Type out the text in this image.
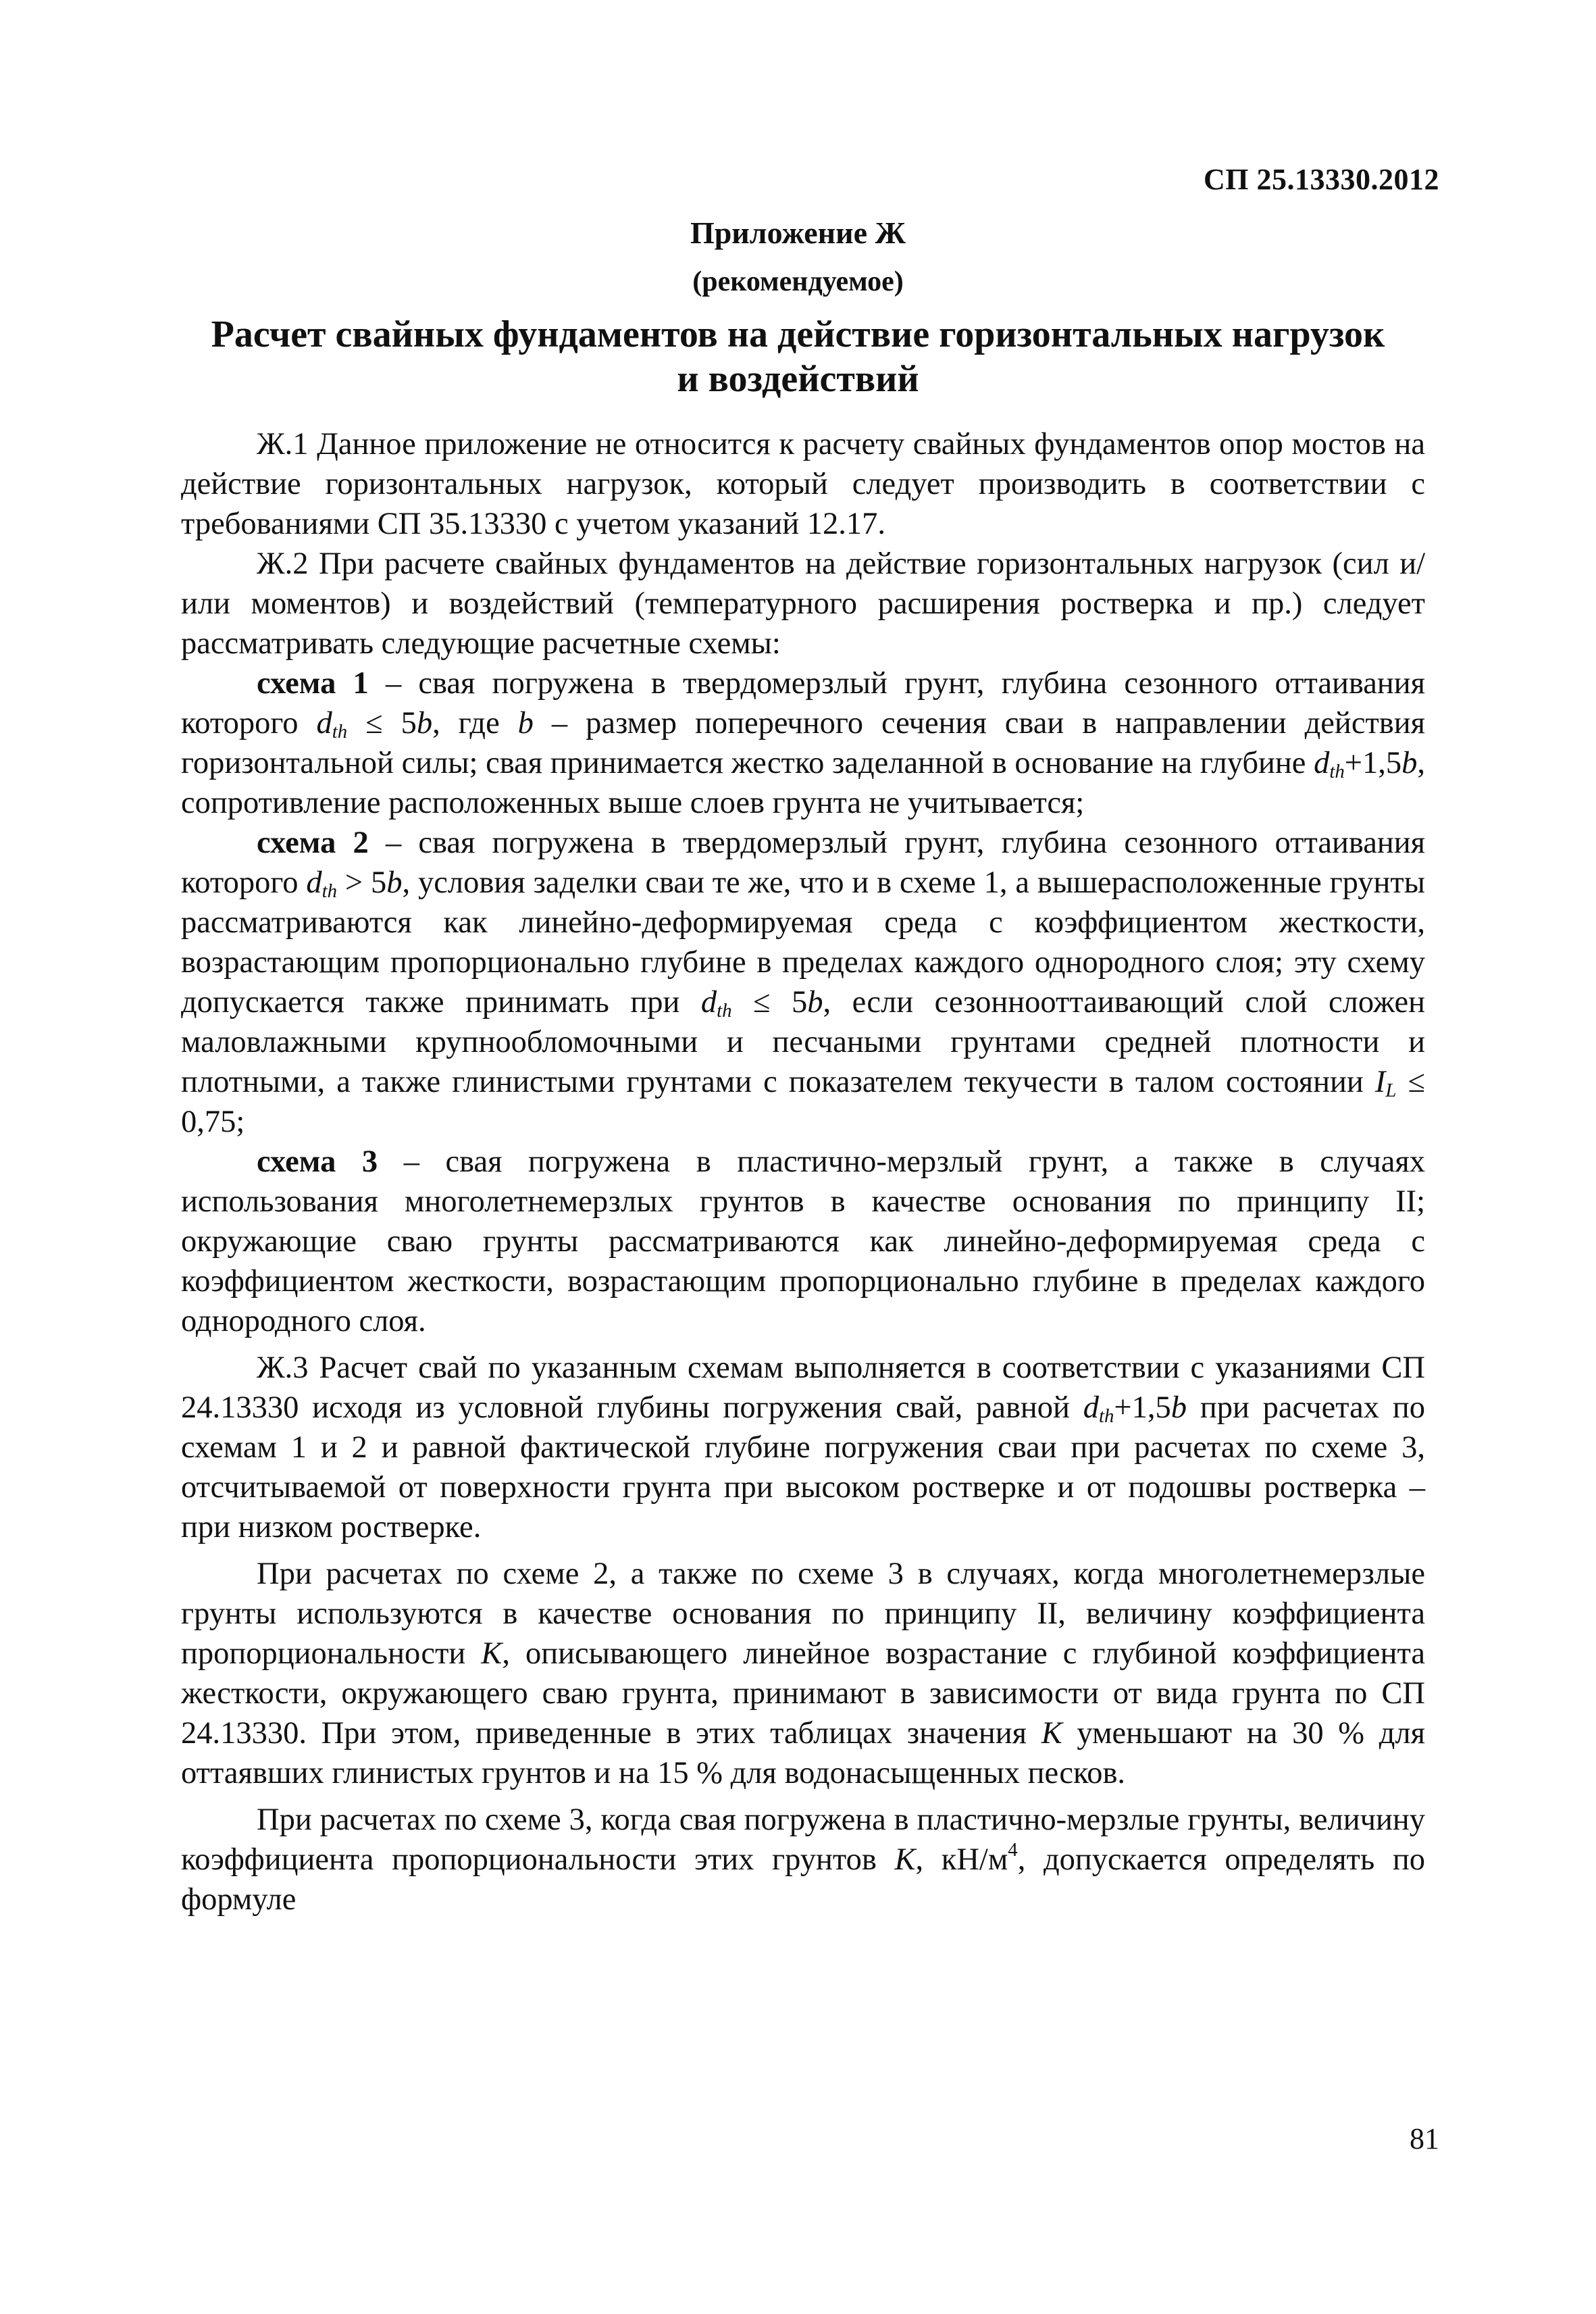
СП 25.13330.2012
Приложение Ж
(рекомендуемое)
Расчет свайных фундаментов на действие горизонтальных нагрузок и воздействий

Ж.1 Данное приложение не относится к расчету свайных фундаментов опор мостов на действие горизонтальных нагрузок, который следует производить в соответствии с требованиями СП 35.13330 с учетом указаний 12.17.

Ж.2 При расчете свайных фундаментов на действие горизонтальных нагрузок (сил и/или моментов) и воздействий (температурного расширения ростверка и пр.) следует рассматривать следующие расчетные схемы:

схема 1 – свая погружена в твердомерзлый грунт, глубина сезонного оттаивания которого $d_{th} \le 5b$, где b – размер поперечного сечения сваи в направлении действия горизонтальной силы; свая принимается жестко заделанной в основание на глубине $d_{th}+1,5b$, сопротивление расположенных выше слоев грунта не учитывается;

схема 2 – свая погружена в твердомерзлый грунт, глубина сезонного оттаивания которого $d_{th} > 5b$, условия заделки сваи те же, что и в схеме 1, а вышерасположенные грунты рассматриваются как линейно-деформируемая среда с коэффициентом жесткости, возрастающим пропорционально глубине в пределах каждого однородного слоя; эту схему допускается также принимать при $d_{th} \le 5b$, если сезоннооттаивающий слой сложен маловлажными крупнообломочными и песчаными грунтами средней плотности и плотными, а также глинистыми грунтами с показателем текучести в талом состоянии $I_L \le 0,75$;

схема 3 – свая погружена в пластично-мерзлый грунт, а также в случаях использования многолетнемерзлых грунтов в качестве основания по принципу II; окружающие сваю грунты рассматриваются как линейно-деформируемая среда с коэффициентом жесткости, возрастающим пропорционально глубине в пределах каждого однородного слоя.

Ж.3 Расчет свай по указанным схемам выполняется в соответствии с указаниями СП 24.13330 исходя из условной глубины погружения свай, равной $d_{th}+1,5b$ при расчетах по схемам 1 и 2 и равной фактической глубине погружения сваи при расчетах по схеме 3, отсчитываемой от поверхности грунта при высоком ростверке и от подошвы ростверка – при низком ростверке.

При расчетах по схеме 2, а также по схеме 3 в случаях, когда многолетнемерзлые грунты используются в качестве основания по принципу II, величину коэффициента пропорциональности K, описывающего линейное возрастание с глубиной коэффициента жесткости, окружающего сваю грунта, принимают в зависимости от вида грунта по СП 24.13330. При этом, приведенные в этих таблицах значения K уменьшают на 30 % для оттаявших глинистых грунтов и на 15 % для водонасыщенных песков.

При расчетах по схеме 3, когда свая погружена в пластично-мерзлые грунты, величину коэффициента пропорциональности этих грунтов K, $кН/м^4$, допускается определять по формуле

81
